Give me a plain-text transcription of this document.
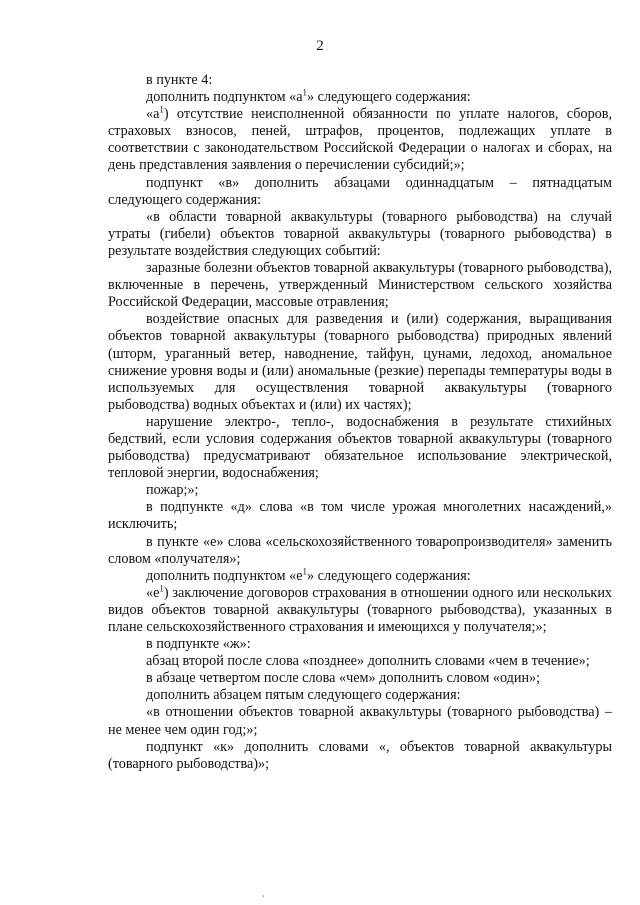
2

в пункте 4:

дополнить подпунктом «$а^1$» следующего содержания:

«$а^1$) отсутствие неисполненной обязанности по уплате налогов, сборов, страховых взносов, пеней, штрафов, процентов, подлежащих уплате в соответствии с законодательством Российской Федерации о налогах и сборах, на день представления заявления о перечислении субсидий;»;

подпункт «в» дополнить абзацами одиннадцатым – пятнадцатым следующего содержания:

«в области товарной аквакультуры (товарного рыбоводства) на случай утраты (гибели) объектов товарной аквакультуры (товарного рыбоводства) в результате воздействия следующих событий:

заразные болезни объектов товарной аквакультуры (товарного рыбоводства), включенные в перечень, утвержденный Министерством сельского хозяйства Российской Федерации, массовые отравления;

воздействие опасных для разведения и (или) содержания, выращивания объектов товарной аквакультуры (товарного рыбоводства) природных явлений (шторм, ураганный ветер, наводнение, тайфун, цунами, ледоход, аномальное снижение уровня воды и (или) аномальные (резкие) перепады температуры воды в используемых для осуществления товарной аквакультуры (товарного рыбоводства) водных объектах и (или) их частях);

нарушение электро-, тепло-, водоснабжения в результате стихийных бедствий, если условия содержания объектов товарной аквакультуры (товарного рыбоводства) предусматривают обязательное использование электрической, тепловой энергии, водоснабжения;

пожар;»;

в подпункте «д» слова «в том числе урожая многолетних насаждений,» исключить;

в пункте «е» слова «сельскохозяйственного товаропроизводителя» заменить словом «получателя»;

дополнить подпунктом «$е^1$» следующего содержания:

«$е^1$) заключение договоров страхования в отношении одного или нескольких видов объектов товарной аквакультуры (товарного рыбоводства), указанных в плане сельскохозяйственного страхования и имеющихся у получателя;»;

в подпункте «ж»:

абзац второй после слова «позднее» дополнить словами «чем в течение»;

в абзаце четвертом после слова «чем» дополнить словом «один»;

дополнить абзацем пятым следующего содержания:

«в отношении объектов товарной аквакультуры (товарного рыбоводства) – не менее чем один год;»;

подпункт «к» дополнить словами «, объектов товарной аквакультуры (товарного рыбоводства)»;

⸒
